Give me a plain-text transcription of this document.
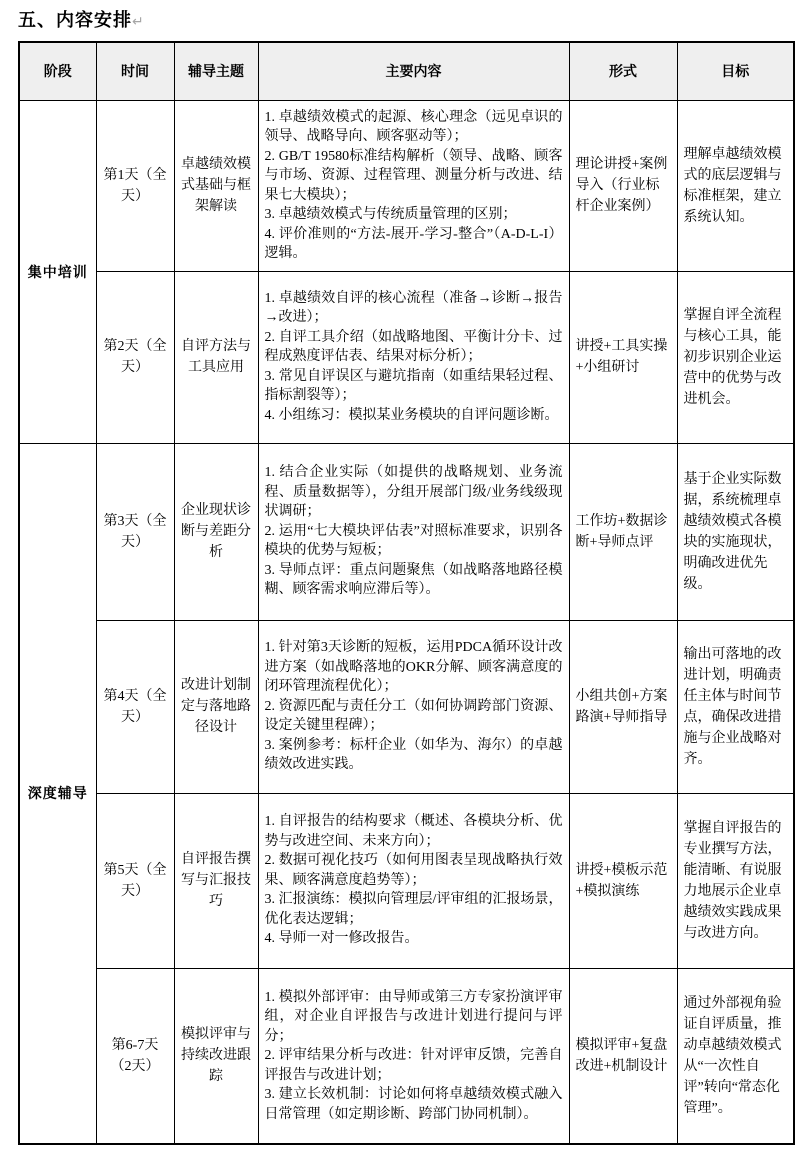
五、内容安排↵
阶段	时间	辅导主题	主要内容	形式	目标
集中培训	第1天（全天）	卓越绩效模式基础与框架解读	1. 卓越绩效模式的起源、核心理念（远见卓识的领导、战略导向、顾客驱动等）；

2. GB/T 19580标准结构解析（领导、战略、顾客与市场、资源、过程管理、测量分析与改进、结果七大模块）；

3. 卓越绩效模式与传统质量管理的区别；

4. 评价准则的“方法-展开-学习-整合”（A-D-L-I）逻辑。	理论讲授+案例导入（行业标杆企业案例）	理解卓越绩效模式的底层逻辑与标准框架，建立系统认知。
	第2天（全天）	自评方法与工具应用	1. 卓越绩效自评的核心流程（准备→诊断→报告→改进）；

2. 自评工具介绍（如战略地图、平衡计分卡、过程成熟度评估表、结果对标分析）；

3. 常见自评误区与避坑指南（如重结果轻过程、指标割裂等）；

4. 小组练习：模拟某业务模块的自评问题诊断。	讲授+工具实操+小组研讨	掌握自评全流程与核心工具，能初步识别企业运营中的优势与改进机会。
深度辅导	第3天（全天）	企业现状诊断与差距分析	1. 结合企业实际（如提供的战略规划、业务流程、质量数据等），分组开展部门级/业务线级现状调研；

2. 运用“七大模块评估表”对照标准要求，识别各模块的优势与短板；

3. 导师点评：重点问题聚焦（如战略落地路径模糊、顾客需求响应滞后等）。	工作坊+数据诊断+导师点评	基于企业实际数据，系统梳理卓越绩效模式各模块的实施现状，明确改进优先级。
	第4天（全天）	改进计划制定与落地路径设计	1. 针对第3天诊断的短板，运用PDCA循环设计改进方案（如战略落地的OKR分解、顾客满意度的闭环管理流程优化）；

2. 资源匹配与责任分工（如何协调跨部门资源、设定关键里程碑）；

3. 案例参考：标杆企业（如华为、海尔）的卓越绩效改进实践。	小组共创+方案路演+导师指导	输出可落地的改进计划，明确责任主体与时间节点，确保改进措施与企业战略对齐。
	第5天（全天）	自评报告撰写与汇报技巧	1. 自评报告的结构要求（概述、各模块分析、优势与改进空间、未来方向）；

2. 数据可视化技巧（如何用图表呈现战略执行效果、顾客满意度趋势等）；

3. 汇报演练：模拟向管理层/评审组的汇报场景，优化表达逻辑；

4. 导师一对一修改报告。	讲授+模板示范+模拟演练	掌握自评报告的专业撰写方法，能清晰、有说服力地展示企业卓越绩效实践成果与改进方向。
	第6-7天（2天）	模拟评审与持续改进跟踪	1. 模拟外部评审：由导师或第三方专家扮演评审组，对企业自评报告与改进计划进行提问与评分；

2. 评审结果分析与改进：针对评审反馈，完善自评报告与改进计划；

3. 建立长效机制：讨论如何将卓越绩效模式融入日常管理（如定期诊断、跨部门协同机制）。	模拟评审+复盘改进+机制设计	通过外部视角验证自评质量，推动卓越绩效模式从“一次性自评”转向“常态化管理”。
